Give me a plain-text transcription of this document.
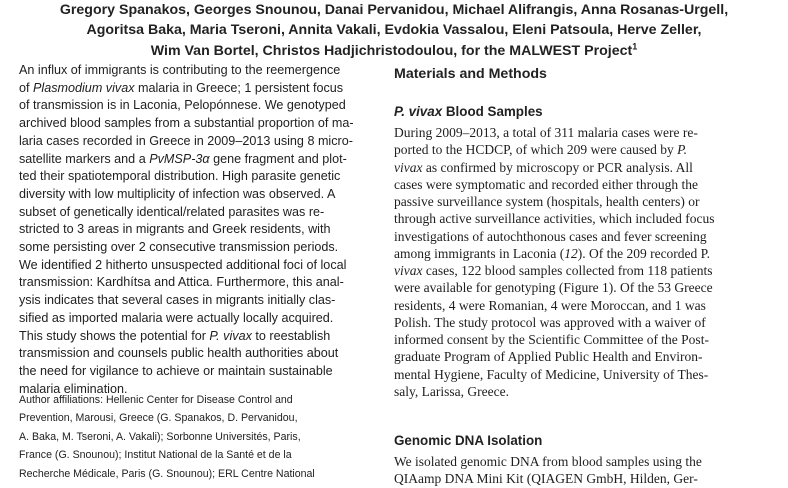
Gregory Spanakos, Georges Snounou, Danai Pervanidou, Michael Alifrangis, Anna Rosanas-Urgell,
Agoritsa Baka, Maria Tseroni, Annita Vakali, Evdokia Vassalou, Eleni Patsoula, Herve Zeller,
Wim Van Bortel, Christos Hadjichristodoulou, for the MALWEST Project$^1$
An influx of immigrants is contributing to the reemergence
of Plasmodium vivax malaria in Greece; 1 persistent focus
of transmission is in Laconia, Pelopónnese. We genotyped
archived blood samples from a substantial proportion of ma-
laria cases recorded in Greece in 2009–2013 using 8 micro-
satellite markers and a PvMSP-3α gene fragment and plot-
ted their spatiotemporal distribution. High parasite genetic
diversity with low multiplicity of infection was observed. A
subset of genetically identical/related parasites was re-
stricted to 3 areas in migrants and Greek residents, with
some persisting over 2 consecutive transmission periods.
We identified 2 hitherto unsuspected additional foci of local
transmission: Kardhítsa and Attica. Furthermore, this anal-
ysis indicates that several cases in migrants initially clas-
sified as imported malaria were actually locally acquired.
This study shows the potential for P. vivax to reestablish
transmission and counsels public health authorities about
the need for vigilance to achieve or maintain sustainable
malaria elimination.
Author affiliations: Hellenic Center for Disease Control and
Prevention, Marousi, Greece (G. Spanakos, D. Pervanidou,
A. Baka, M. Tseroni, A. Vakali); Sorbonne Universités, Paris,
France (G. Snounou); Institut National de la Santé et de la
Recherche Médicale, Paris (G. Snounou); ERL Centre National
Materials and Methods
P. vivax Blood Samples
During 2009–2013, a total of 311 malaria cases were re-
ported to the HCDCP, of which 209 were caused by P.
vivax as confirmed by microscopy or PCR analysis. All
cases were symptomatic and recorded either through the
passive surveillance system (hospitals, health centers) or
through active surveillance activities, which included focus
investigations of autochthonous cases and fever screening
among immigrants in Laconia (12). Of the 209 recorded P.
vivax cases, 122 blood samples collected from 118 patients
were available for genotyping (Figure 1). Of the 53 Greece
residents, 4 were Romanian, 4 were Moroccan, and 1 was
Polish. The study protocol was approved with a waiver of
informed consent by the Scientific Committee of the Post-
graduate Program of Applied Public Health and Environ-
mental Hygiene, Faculty of Medicine, University of Thes-
saly, Larissa, Greece.
Genomic DNA Isolation
We isolated genomic DNA from blood samples using the
QIAamp DNA Mini Kit (QIAGEN GmbH, Hilden, Ger-
